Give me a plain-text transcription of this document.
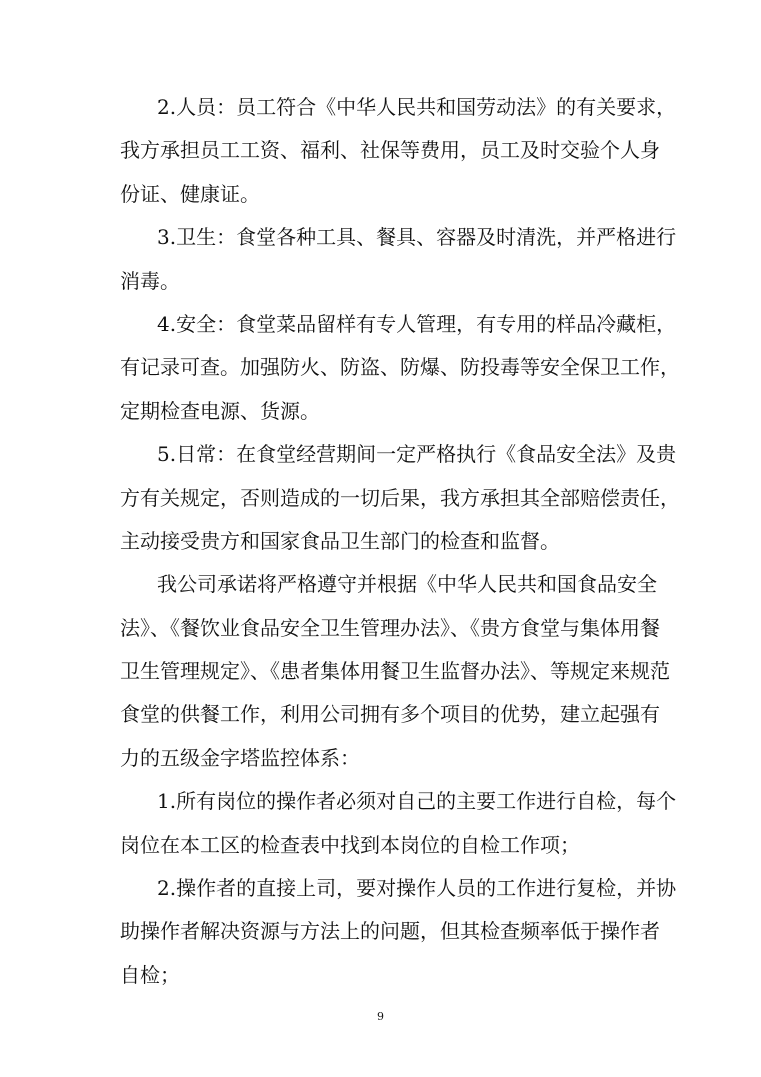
2.人员：员工符合《中华人民共和国劳动法》的有关要求，
我方承担员工工资、福利、社保等费用，员工及时交验个人身
份证、健康证。
3.卫生：食堂各种工具、餐具、容器及时清洗，并严格进行
消毒。
4.安全：食堂菜品留样有专人管理，有专用的样品冷藏柜，
有记录可查。加强防火、防盗、防爆、防投毒等安全保卫工作，
定期检查电源、货源。
5.日常：在食堂经营期间一定严格执行《食品安全法》及贵
方有关规定，否则造成的一切后果，我方承担其全部赔偿责任，
主动接受贵方和国家食品卫生部门的检查和监督。
我公司承诺将严格遵守并根据《中华人民共和国食品安全
法》、《餐饮业食品安全卫生管理办法》、《贵方食堂与集体用餐
卫生管理规定》、《患者集体用餐卫生监督办法》、等规定来规范
食堂的供餐工作，利用公司拥有多个项目的优势，建立起强有
力的五级金字塔监控体系：
1.所有岗位的操作者必须对自己的主要工作进行自检，每个
岗位在本工区的检查表中找到本岗位的自检工作项；
2.操作者的直接上司，要对操作人员的工作进行复检，并协
助操作者解决资源与方法上的问题，但其检查频率低于操作者
自检；
9
